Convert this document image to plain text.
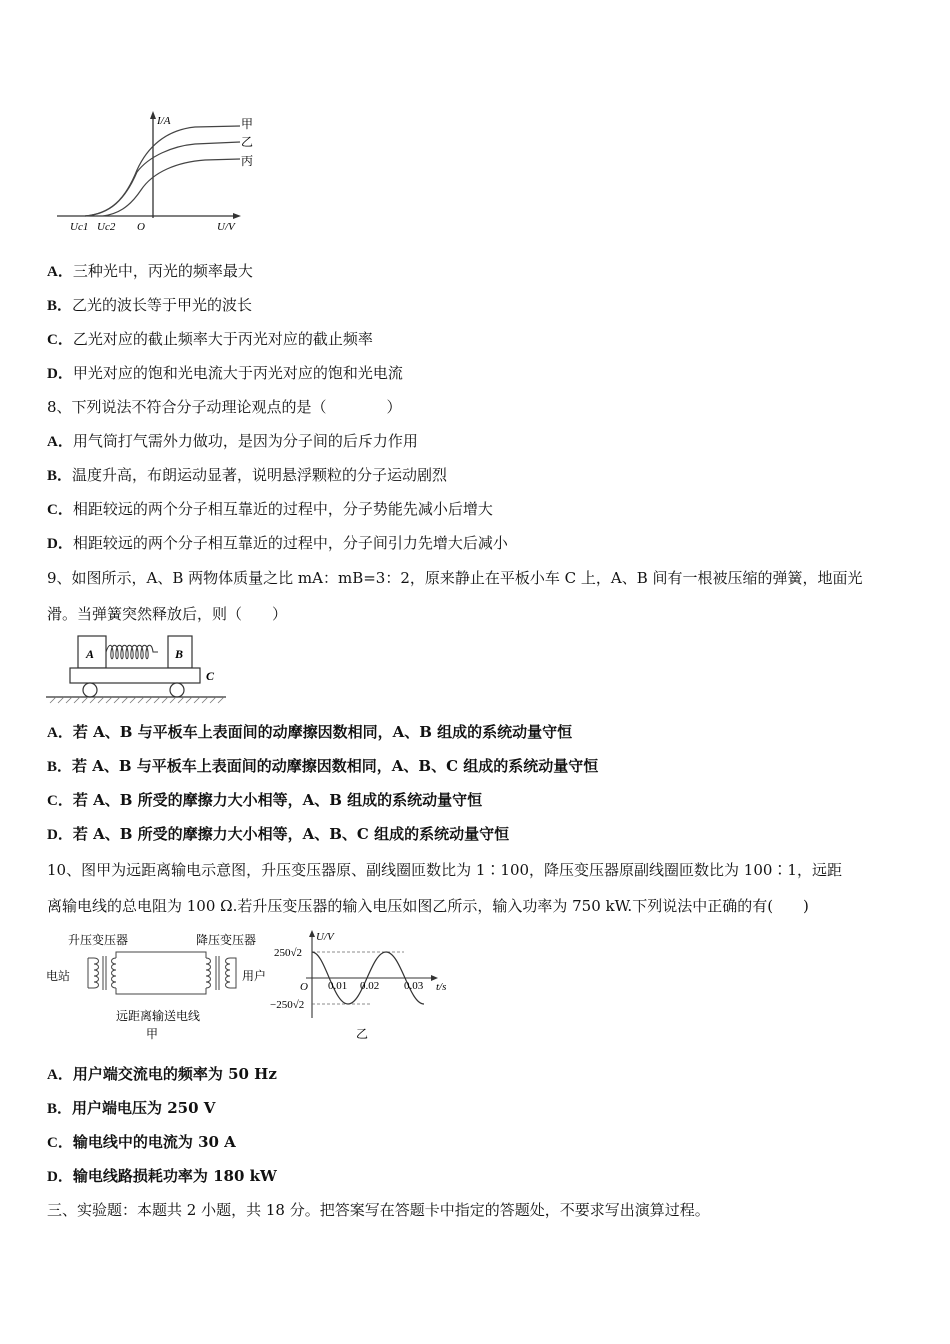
I/A	甲
乙
丙
Uc1 Uc2 O	U/V
A．三种光中，丙光的频率最大
B．乙光的波长等于甲光的波长
C．乙光对应的截止频率大于丙光对应的截止频率
D．甲光对应的饱和光电流大于丙光对应的饱和光电流
8、下列说法不符合分子动理论观点的是（　　　　）
A．用气筒打气需外力做功，是因为分子间的后斥力作用
B．温度升高，布朗运动显著，说明悬浮颗粒的分子运动剧烈
C．相距较远的两个分子相互靠近的过程中，分子势能先减小后增大
D．相距较远的两个分子相互靠近的过程中，分子间引力先增大后减小
9、如图所示，A、B 两物体质量之比 mA：mB=3：2，原来静止在平板小车 C 上，A、B 间有一根被压缩的弹簧，地面光
滑。当弹簧突然释放后，则（　　）
A	B
C
A．若 A、B 与平板车上表面间的动摩擦因数相同，A、B 组成的系统动量守恒
B．若 A、B 与平板车上表面间的动摩擦因数相同，A、B、C 组成的系统动量守恒
C．若 A、B 所受的摩擦力大小相等，A、B 组成的系统动量守恒
D．若 A、B 所受的摩擦力大小相等，A、B、C 组成的系统动量守恒
10、图甲为远距离输电示意图，升压变压器原、副线圈匝数比为 1∶100，降压变压器原副线圈匝数比为 100∶1，远距
离输电线的总电阻为 100 Ω.若升压变压器的输入电压如图乙所示，输入功率为 750 kW.下列说法中正确的有(　　)
升压变压器	降压变压器
电站	用户
远距离输送电线
甲
U/V
t/s
O
250√2
−250√2
0.01 0.02 0.03
乙
A．用户端交流电的频率为 50 Hz
B．用户端电压为 250 V
C．输电线中的电流为 30 A
D．输电线路损耗功率为 180 kW
三、实验题：本题共 2 小题，共 18 分。把答案写在答题卡中指定的答题处，不要求写出演算过程。
